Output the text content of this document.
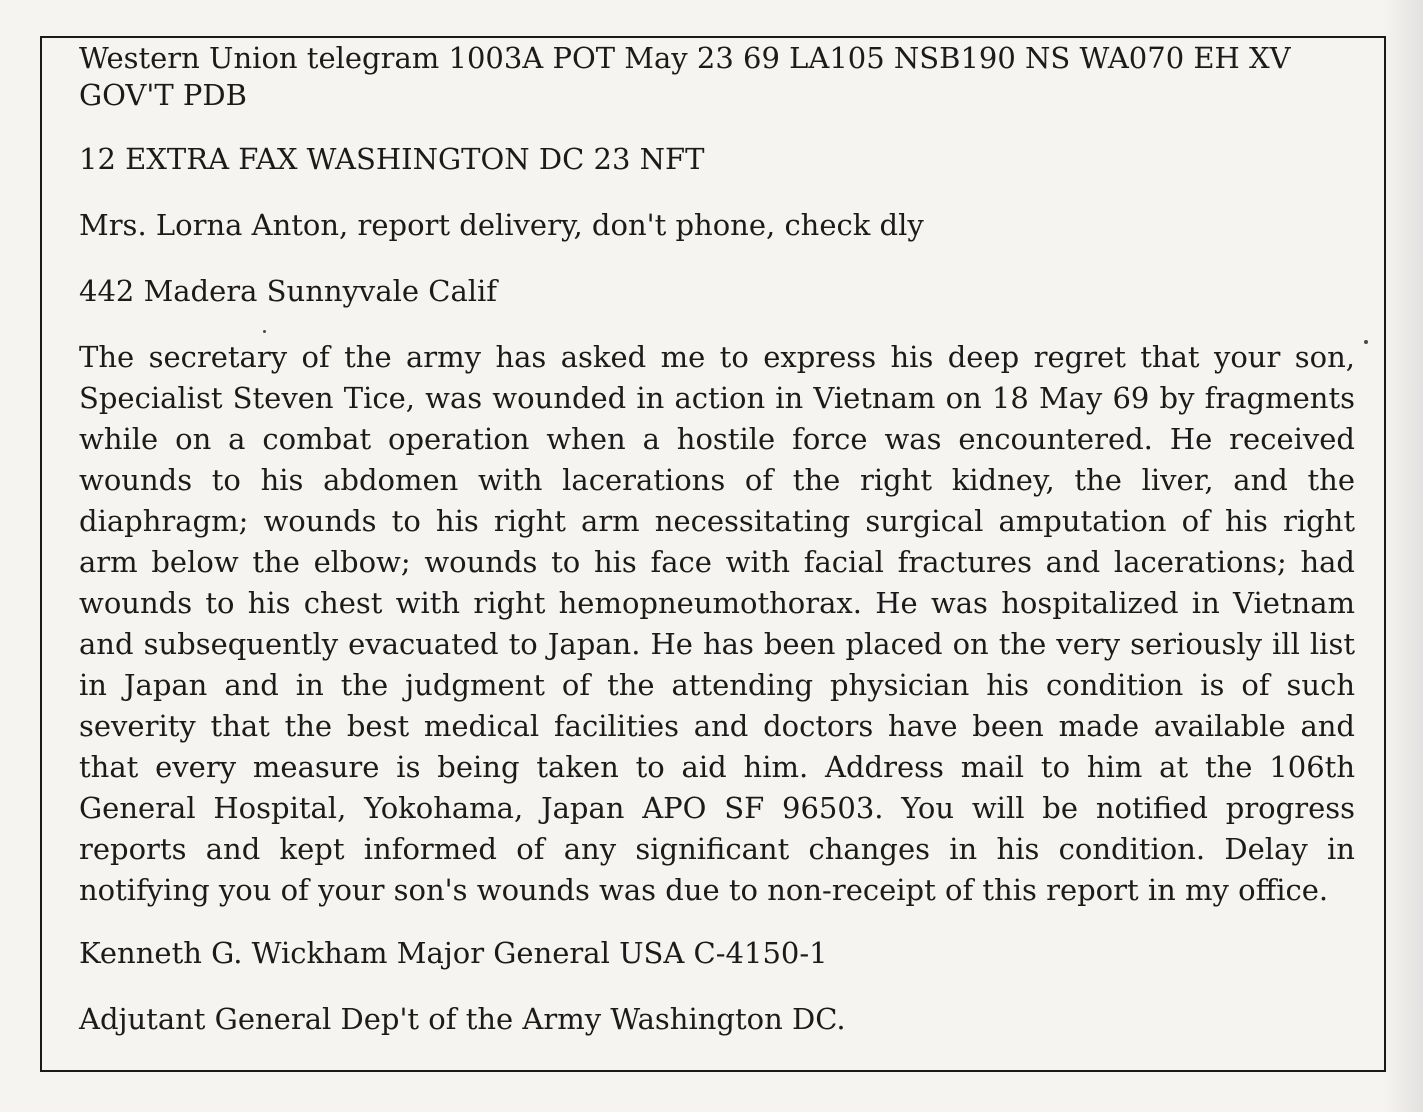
Western Union telegram 1003A POT May 23 69 LA105 NSB190 NS WA070 EH XV GOV'T PDB

12 EXTRA FAX WASHINGTON DC 23 NFT

Mrs. Lorna Anton, report delivery, don't phone, check dly

442 Madera Sunnyvale Calif

The secretary of the army has asked me to express his deep regret that your son, Specialist Steven Tice, was wounded in action in Vietnam on 18 May 69 by fragments while on a combat operation when a hostile force was encountered. He received wounds to his abdomen with lacerations of the right kidney, the liver, and the diaphragm; wounds to his right arm necessitating surgical amputation of his right arm below the elbow; wounds to his face with facial fractures and lacerations; had wounds to his chest with right hemopneumothorax. He was hospitalized in Vietnam and subsequently evacuated to Japan. He has been placed on the very seriously ill list in Japan and in the judgment of the attending physician his condition is of such severity that the best medical facilities and doctors have been made available and that every measure is being taken to aid him. Address mail to him at the 106th General Hospital, Yokohama, Japan APO SF 96503. You will be notified progress reports and kept informed of any significant changes in his condition. Delay in notifying you of your son's wounds was due to non-receipt of this report in my office.

Kenneth G. Wickham Major General USA C-4150-1

Adjutant General Dep't of the Army Washington DC.
